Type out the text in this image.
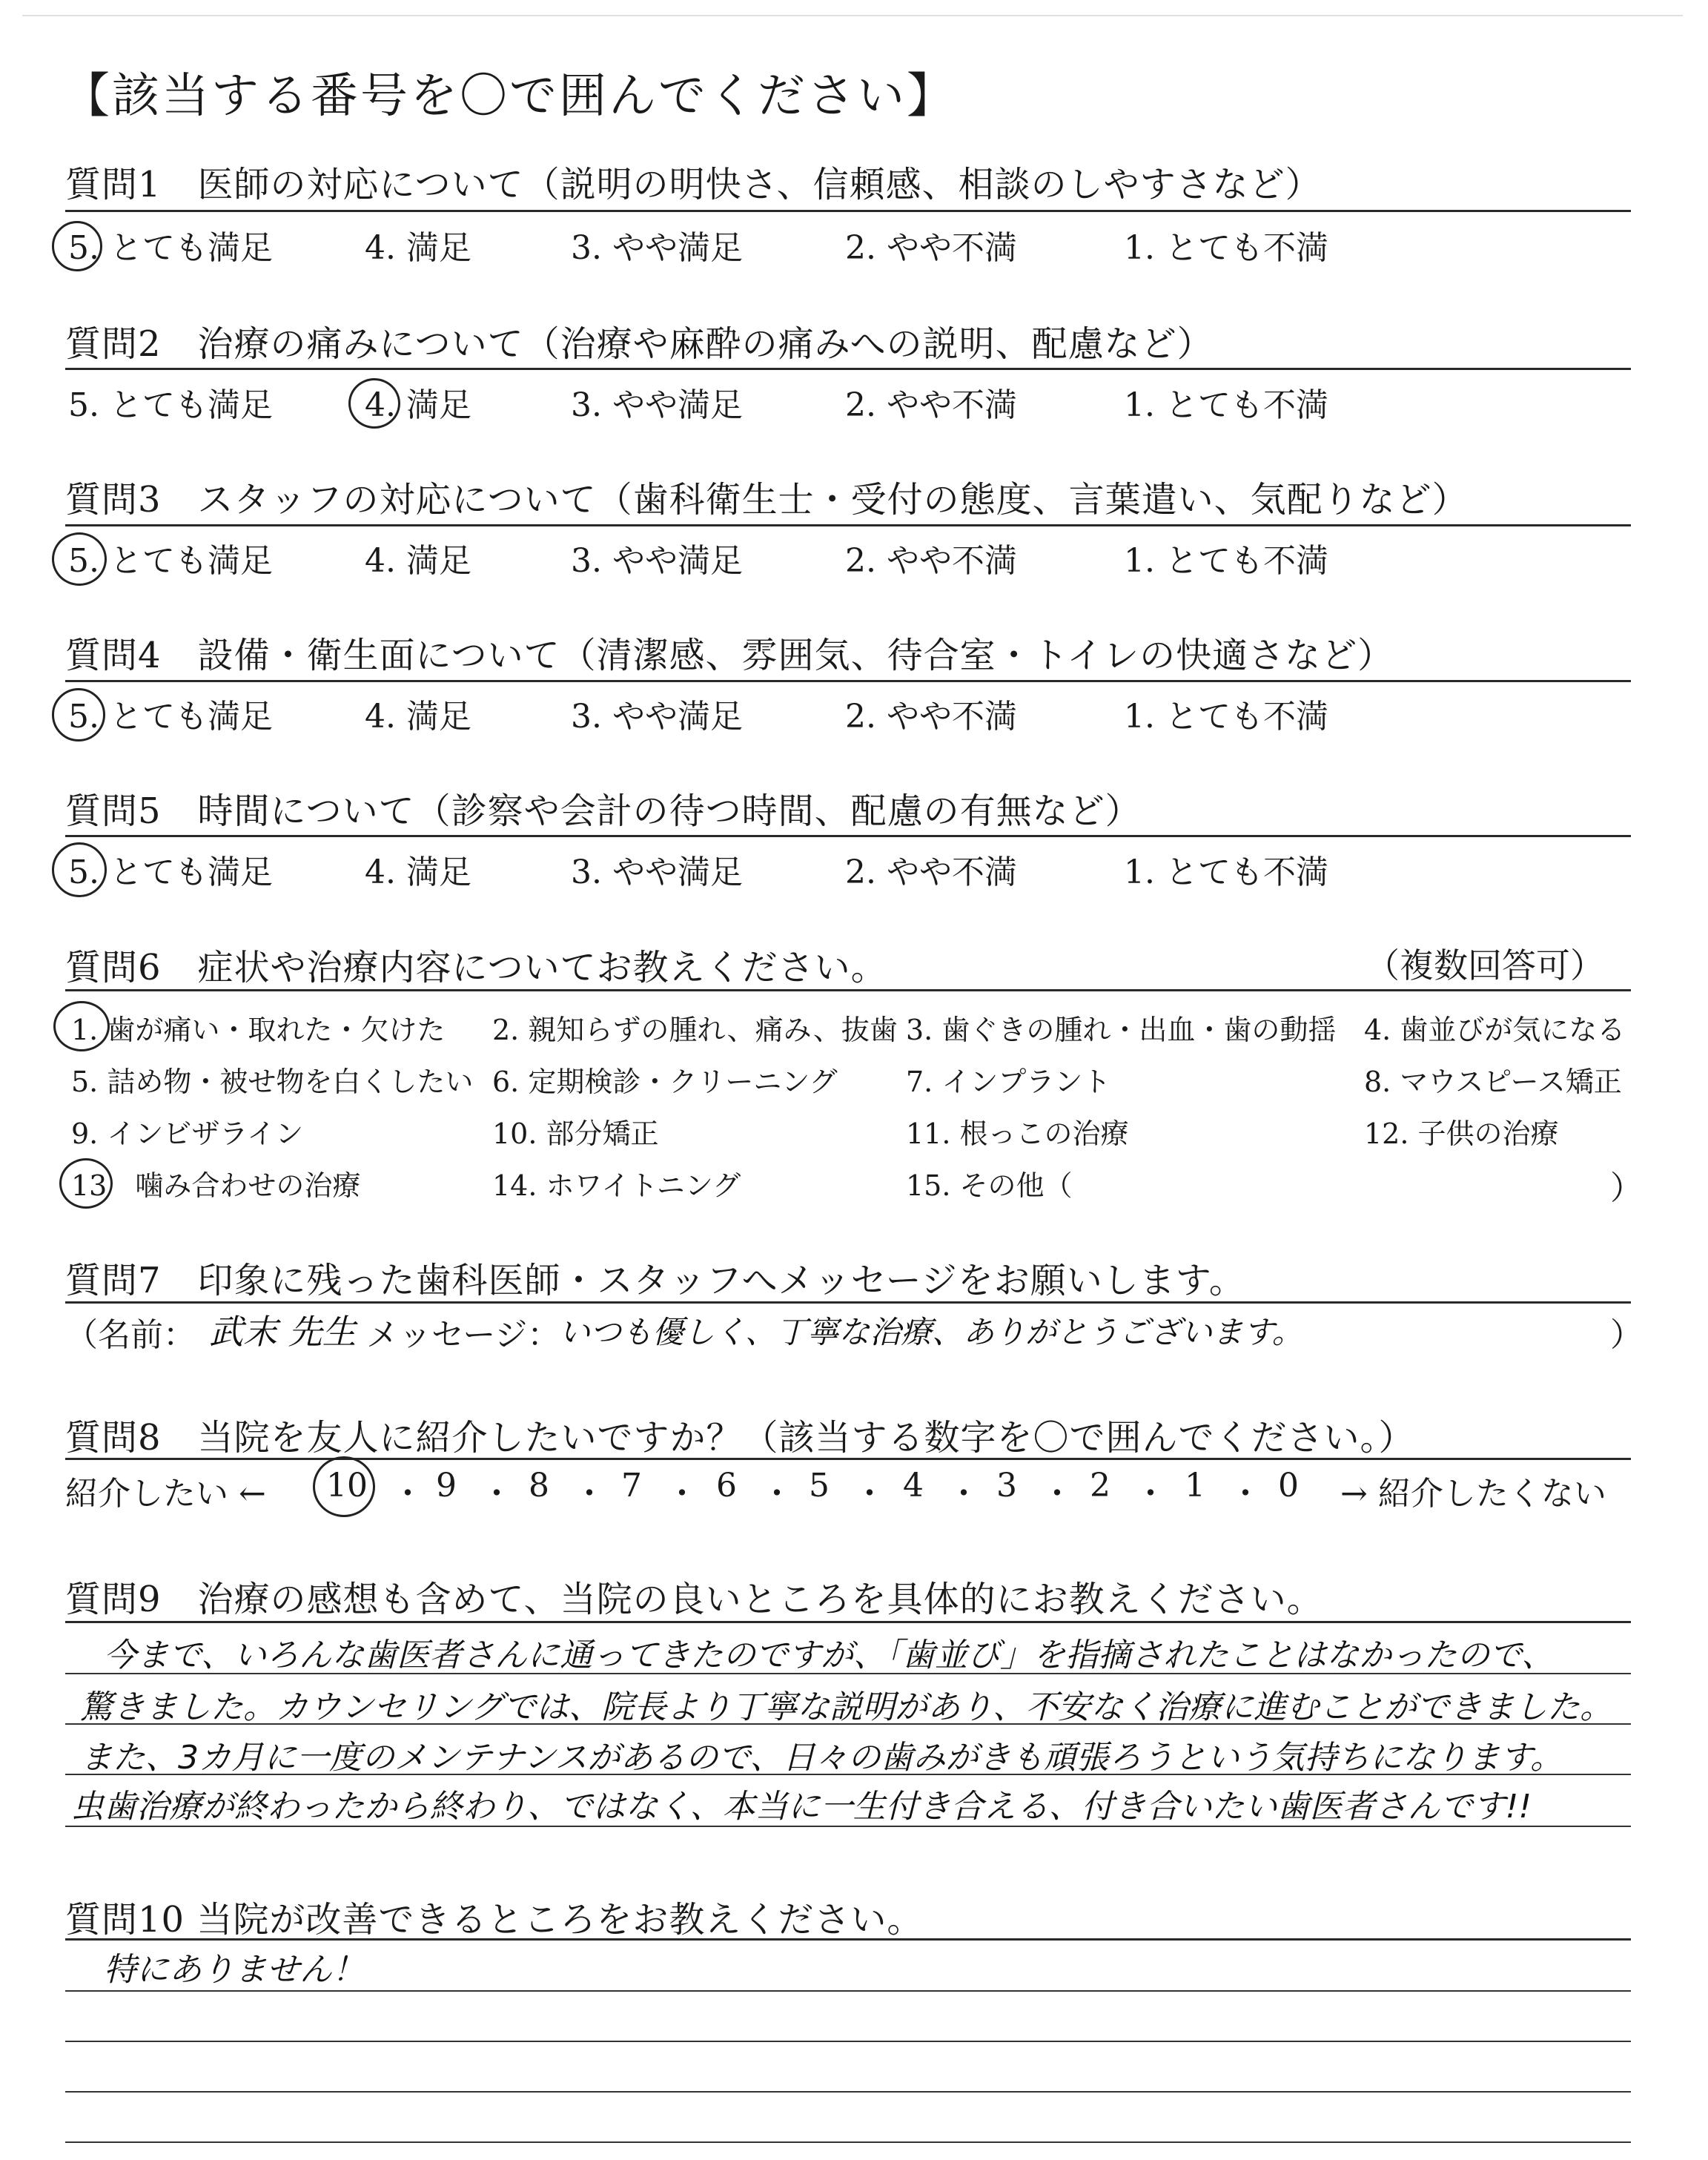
【該当する番号を〇で囲んでください】
質問1　医師の対応について（説明の明快さ、信頼感、相談のしやすさなど）
5. とても満足	4. 満足	3. やや満足	2. やや不満	1. とても不満
質問2　治療の痛みについて（治療や麻酔の痛みへの説明、配慮など）
5. とても満足	4. 満足	3. やや満足	2. やや不満	1. とても不満
質問3　スタッフの対応について（歯科衛生士・受付の態度、言葉遣い、気配りなど）
5. とても満足	4. 満足	3. やや満足	2. やや不満	1. とても不満
質問4　設備・衛生面について（清潔感、雰囲気、待合室・トイレの快適さなど）
5. とても満足	4. 満足	3. やや満足	2. やや不満	1. とても不満
質問5　時間について（診察や会計の待つ時間、配慮の有無など）
5. とても満足	4. 満足	3. やや満足	2. やや不満	1. とても不満
質問6　症状や治療内容についてお教えください。	（複数回答可）
1. 歯が痛い・取れた・欠けた 2. 親知らずの腫れ、痛み、抜歯 3. 歯ぐきの腫れ・出血・歯の動揺 4. 歯並びが気になる
5. 詰め物・被せ物を白くしたい 6. 定期検診・クリーニング 7. インプラント	8. マウスピース矯正
9. インビザライン	10. 部分矯正	11. 根っこの治療	12. 子供の治療
13　噛み合わせの治療	14. ホワイトニング	15. その他（	）
質問7　印象に残った歯科医師・スタッフへメッセージをお願いします。
（名前： 武末 先生 メッセージ：
いつも優しく、丁寧な治療、ありがとうございます。	）
質問8　当院を友人に紹介したいですか？（該当する数字を〇で囲んでください。）
紹介したい ← 10 ・ 9 ・ 8 ・ 7 ・ 6 ・ 5 ・ 4 ・ 3 ・ 2 ・ 1 ・ 0 → 紹介したくない
質問9　治療の感想も含めて、当院の良いところを具体的にお教えください。
今まで、いろんな歯医者さんに通ってきたのですが、「歯並び」を指摘されたことはなかったので、
驚きました。カウンセリングでは、院長より丁寧な説明があり、不安なく治療に進むことができました。
また、3カ月に一度のメンテナンスがあるので、日々の歯みがきも頑張ろうという気持ちになります。
虫歯治療が終わったから終わり、ではなく、本当に一生付き合える、付き合いたい歯医者さんです!!
質問10 当院が改善できるところをお教えください。
特にありません！
